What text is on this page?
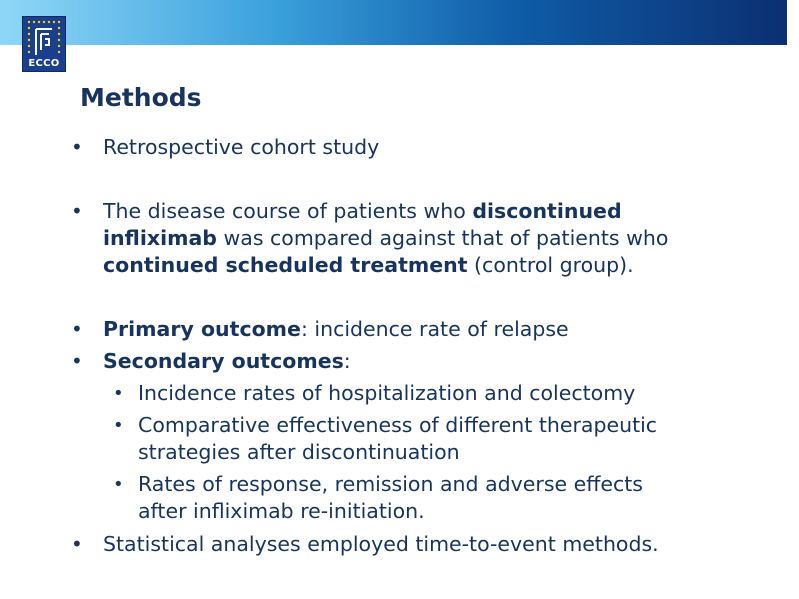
ECCO
Methods
• Retrospective cohort study
• The disease course of patients who discontinued
infliximab was compared against that of patients who
continued scheduled treatment (control group).
• Primary outcome: incidence rate of relapse
• Secondary outcomes:
• Incidence rates of hospitalization and colectomy
• Comparative effectiveness of different therapeutic
strategies after discontinuation
• Rates of response, remission and adverse effects
after infliximab re-initiation.
• Statistical analyses employed time-to-event methods.
